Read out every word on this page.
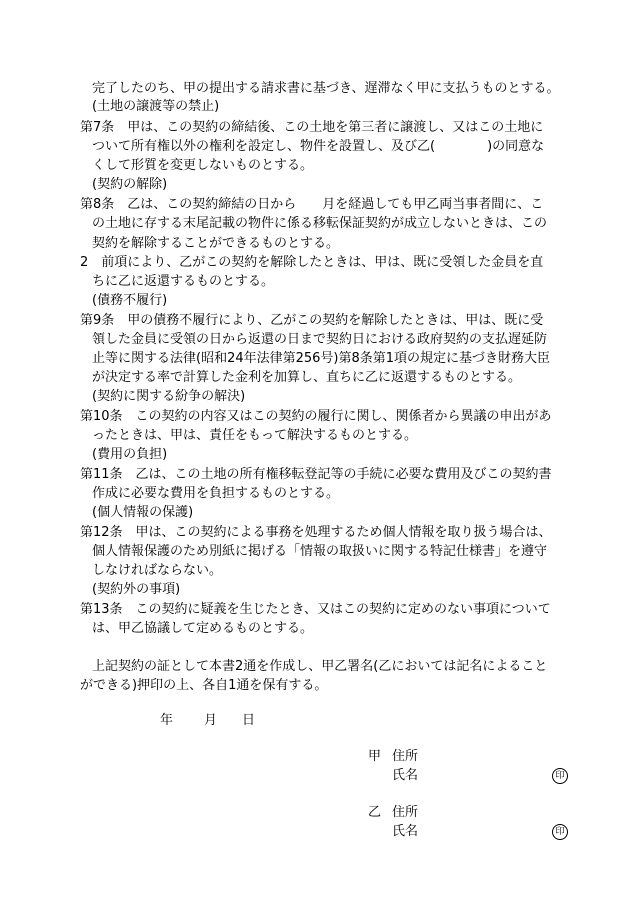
完了したのち、甲の提出する請求書に基づき、遅滞なく甲に支払うものとする。
(土地の譲渡等の禁止)
第7条　甲は、この契約の締結後、この土地を第三者に譲渡し、又はこの土地に
ついて所有権以外の権利を設定し、物件を設置し、及び乙(　　　　)の同意な
くして形質を変更しないものとする。
(契約の解除)
第8条　乙は、この契約締結の日から　　月を経過しても甲乙両当事者間に、こ
の土地に存する末尾記載の物件に係る移転保証契約が成立しないときは、この
契約を解除することができるものとする。
2　前項により、乙がこの契約を解除したときは、甲は、既に受領した金員を直
ちに乙に返還するものとする。
(債務不履行)
第9条　甲の債務不履行により、乙がこの契約を解除したときは、甲は、既に受
領した金員に受領の日から返還の日まで契約日における政府契約の支払遅延防
止等に関する法律(昭和24年法律第256号)第8条第1項の規定に基づき財務大臣
が決定する率で計算した金利を加算し、直ちに乙に返還するものとする。
(契約に関する紛争の解決)
第10条　この契約の内容又はこの契約の履行に関し、関係者から異議の申出があ
ったときは、甲は、責任をもって解決するものとする。
(費用の負担)
第11条　乙は、この土地の所有権移転登記等の手続に必要な費用及びこの契約書
作成に必要な費用を負担するものとする。
(個人情報の保護)
第12条　甲は、この契約による事務を処理するため個人情報を取り扱う場合は、
個人情報保護のため別紙に掲げる「情報の取扱いに関する特記仕様書」を遵守
しなければならない。
(契約外の事項)
第13条　この契約に疑義を生じたとき、又はこの契約に定めのない事項について
は、甲乙協議して定めるものとする。
上記契約の証として本書2通を作成し、甲乙署名(乙においては記名によること
ができる)押印の上、各自1通を保有する。
年 月 日
甲 住所
氏名	印
乙 住所
氏名	印
